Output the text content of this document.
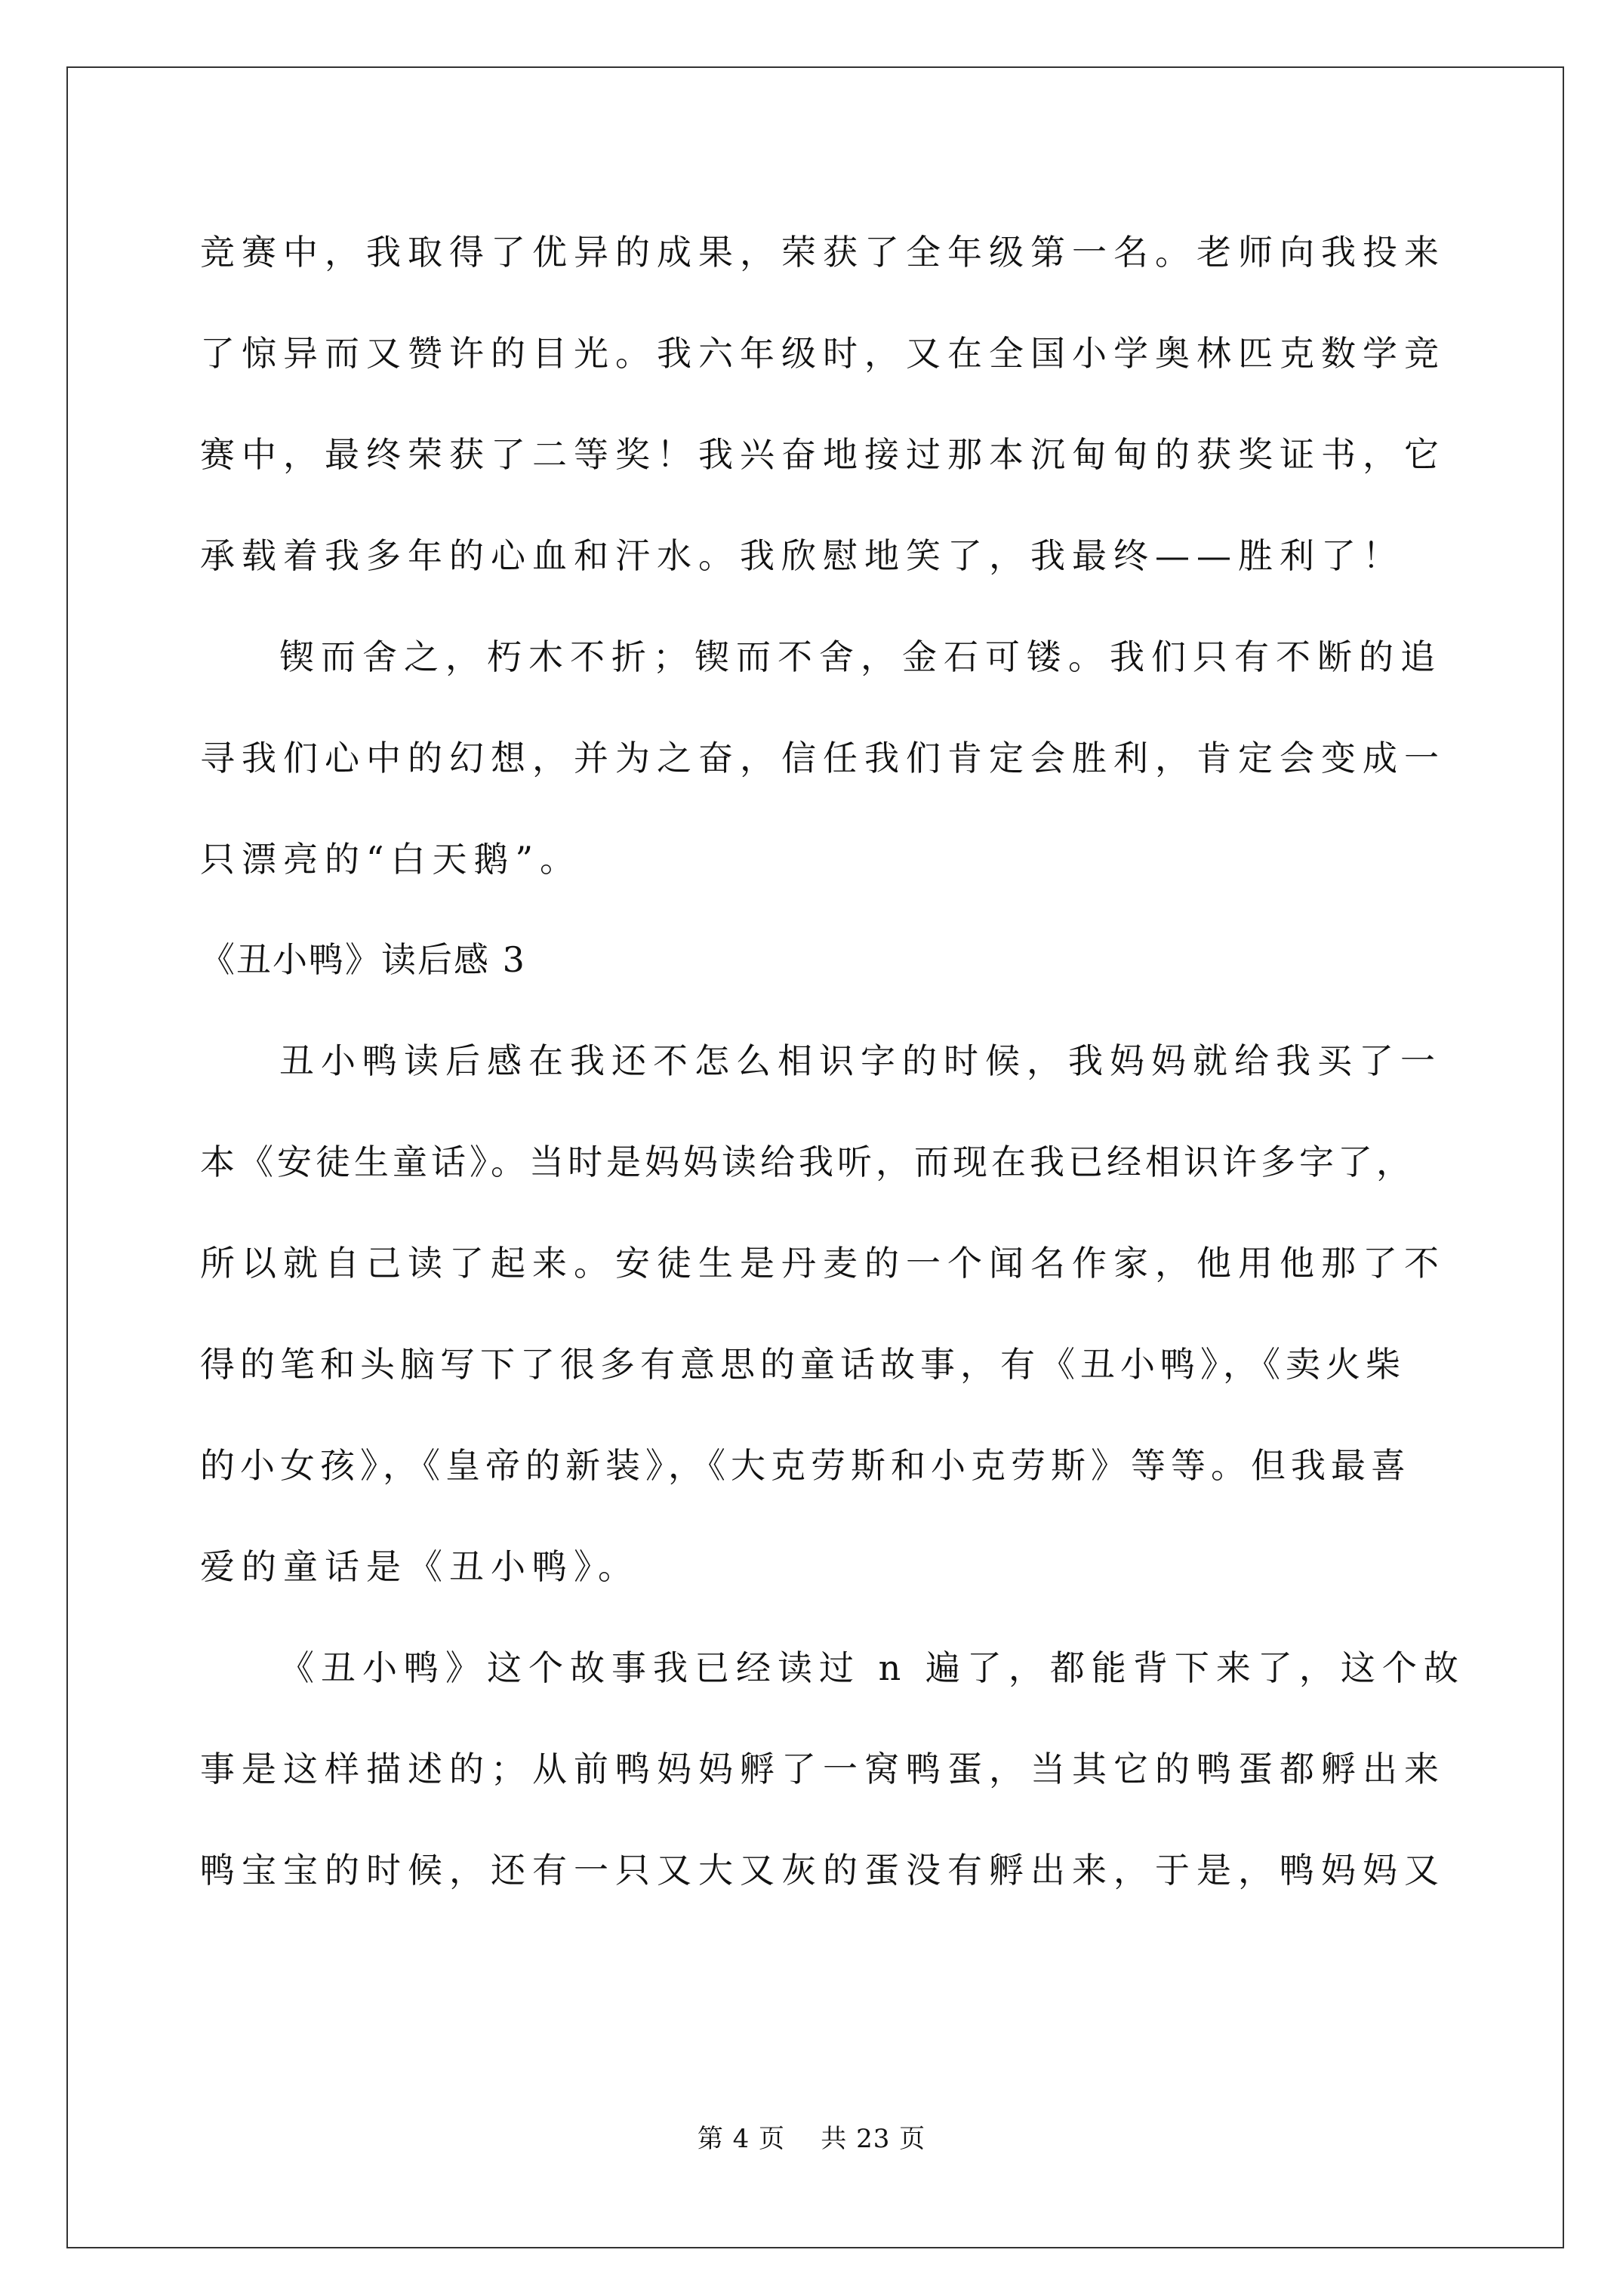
竞赛中，我取得了优异的成果，荣获了全年级第一名。老师向我投来
了惊异而又赞许的目光。我六年级时，又在全国小学奥林匹克数学竞
赛中，最终荣获了二等奖！我兴奋地接过那本沉甸甸的获奖证书，它
承载着我多年的心血和汗水。我欣慰地笑了，我最终——胜利了！
锲而舍之，朽木不折；锲而不舍，金石可镂。我们只有不断的追
寻我们心中的幻想，并为之奋，信任我们肯定会胜利，肯定会变成一
只漂亮的“白天鹅”。
《丑小鸭》读后感 3
丑小鸭读后感在我还不怎么相识字的时候，我妈妈就给我买了一
本《安徒生童话》。当时是妈妈读给我听，而现在我已经相识许多字了，
所以就自己读了起来。安徒生是丹麦的一个闻名作家，他用他那了不
得的笔和头脑写下了很多有意思的童话故事，有《丑小鸭》，《卖火柴
的小女孩》，《皇帝的新装》，《大克劳斯和小克劳斯》等等。但我最喜
爱的童话是《丑小鸭》。
《丑小鸭》这个故事我已经读过 n 遍了，都能背下来了，这个故
事是这样描述的；从前鸭妈妈孵了一窝鸭蛋，当其它的鸭蛋都孵出来
鸭宝宝的时候，还有一只又大又灰的蛋没有孵出来，于是，鸭妈妈又
第 4 页 共 23 页
